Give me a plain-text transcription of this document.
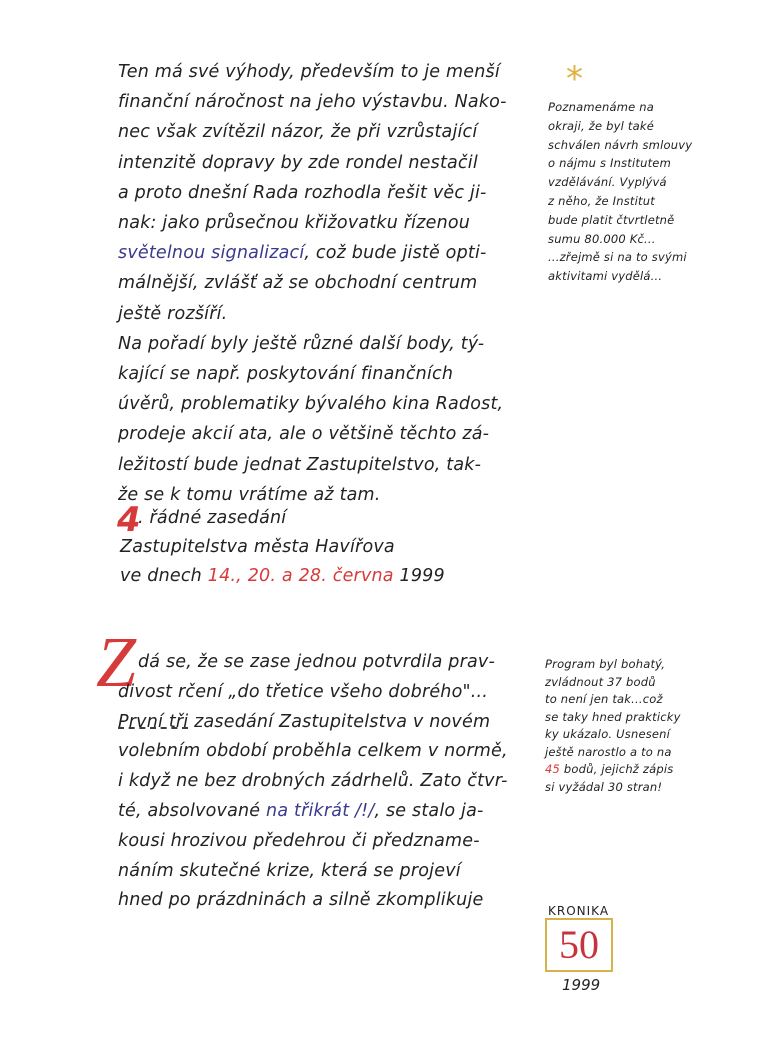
Ten má své výhody, především to je menší
finanční náročnost na jeho výstavbu. Nako-
nec však zvítězil názor, že při vzrůstající
intenzitě dopravy by zde rondel nestačil
a proto dnešní Rada rozhodla řešit věc ji-
nak: jako průsečnou křižovatku řízenou
světelnou signalizací, což bude jistě opti-
málnější, zvlášť až se obchodní centrum
ještě rozšíří.
Na pořadí byly ještě různé další body, tý-
kající se např. poskytování finančních
úvěrů, problematiky bývalého kina Radost,
prodeje akcií ata, ale o většině těchto zá-
ležitostí bude jednat Zastupitelstvo, tak-
že se k tomu vrátíme až tam.
4
. řádné zasedání
Zastupitelstva města Havířova
ve dnech 14., 20. a 28. června 1999
Z dá se, že se zase jednou potvrdila prav-
divost rčení „do třetice všeho dobrého"...
První tři zasedání Zastupitelstva v novém
volebním období proběhla celkem v normě,
i když ne bez drobných zádrhelů. Zato čtvr-
té, absolvované na třikrát /!/, se stalo ja-
kousi hrozivou předehrou či předzname-
náním skutečné krize, která se projeví
hned po prázdninách a silně zkomplikuje
*
Poznamenáme na
okraji, že byl také
schválen návrh smlouvy
o nájmu s Institutem
vzdělávání. Vyplývá
z něho, že Institut
bude platit čtvrtletně
sumu 80.000 Kč...
...zřejmě si na to svými
aktivitami vydělá...
Program byl bohatý,
zvládnout 37 bodů
to není jen tak...což
se taky hned prakticky
ky ukázalo. Usnesení
ještě narostlo a to na
45 bodů, jejichž zápis
si vyžádal 30 stran!
KRONIKA
50
1999
